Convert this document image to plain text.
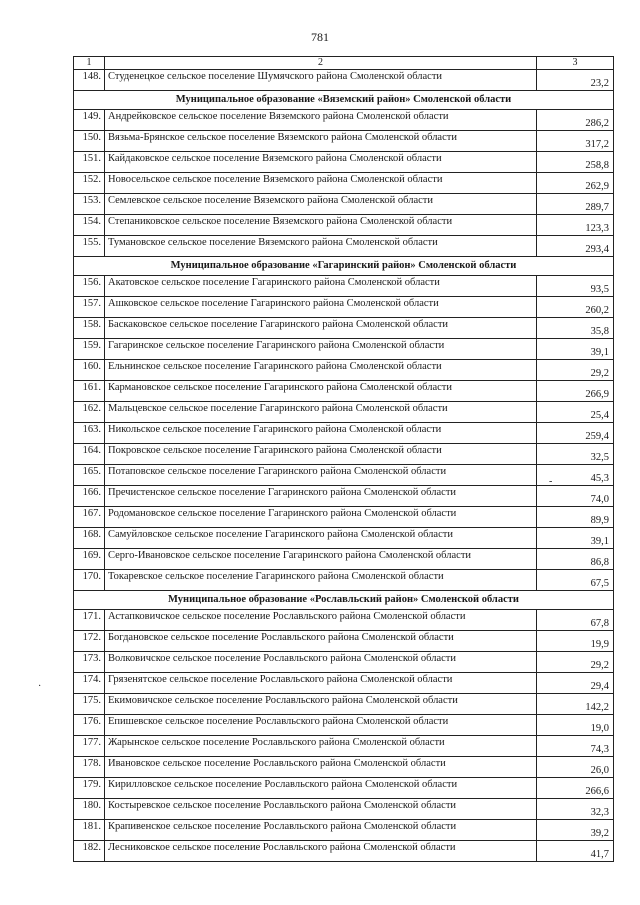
781
1	2	3
148.	Студенецкое сельское поселение Шумячского района Смоленской области	23,2
Муниципальное образование «Вяземский район» Смоленской области		
149.	Андрейковское сельское поселение Вяземского района Смоленской области	286,2
150.	Вязьма-Брянское сельское поселение Вяземского района Смоленской области	317,2
151.	Кайдаковское сельское поселение Вяземского района Смоленской области	258,8
152.	Новосельское сельское поселение Вяземского района Смоленской области	262,9
153.	Семлевское сельское поселение Вяземского района Смоленской области	289,7
154.	Степаниковское сельское поселение Вяземского района Смоленской области	123,3
155.	Тумановское сельское поселение Вяземского района Смоленской области	293,4
Муниципальное образование «Гагаринский район» Смоленской области		
156.	Акатовское сельское поселение Гагаринского района Смоленской области	93,5
157.	Ашковское сельское поселение Гагаринского района Смоленской области	260,2
158.	Баскаковское сельское поселение Гагаринского района Смоленской области	35,8
159.	Гагаринское сельское поселение Гагаринского района Смоленской области	39,1
160.	Ельнинское сельское поселение Гагаринского района Смоленской области	29,2
161.	Кармановское сельское поселение Гагаринского района Смоленской области	266,9
162.	Мальцевское сельское поселение Гагаринского района Смоленской области	25,4
163.	Никольское сельское поселение Гагаринского района Смоленской области	259,4
164.	Покровское сельское поселение Гагаринского района Смоленской области	32,5
165.	Потаповское сельское поселение Гагаринского района Смоленской области	45,3
166.	Пречистенское сельское поселение Гагаринского района Смоленской области	74,0
167.	Родомановское сельское поселение Гагаринского района Смоленской области	89,9
168.	Самуйловское сельское поселение Гагаринского района Смоленской области	39,1
169.	Серго-Ивановское сельское поселение Гагаринского района Смоленской области	86,8
170.	Токаревское сельское поселение Гагаринского района Смоленской области	67,5
Муниципальное образование «Рославльский район» Смоленской области		
171.	Астапковичское сельское поселение Рославльского района Смоленской области	67,8
172.	Богдановское сельское поселение Рославльского района Смоленской области	19,9
173.	Волковичское сельское поселение Рославльского района Смоленской области	29,2
174.	Грязенятское сельское поселение Рославльского района Смоленской области	29,4
175.	Екимовичское сельское поселение Рославльского района Смоленской области	142,2
176.	Епишевское сельское поселение Рославльского района Смоленской области	19,0
177.	Жарынское сельское поселение Рославльского района Смоленской области	74,3
178.	Ивановское сельское поселение Рославльского района Смоленской области	26,0
179.	Кирилловское сельское поселение Рославльского района Смоленской области	266,6
180.	Костыревское сельское поселение Рославльского района Смоленской области	32,3
181.	Крапивенское сельское поселение Рославльского района Смоленской области	39,2
182.	Лесниковское сельское поселение Рославльского района Смоленской области	41,7
-
·
